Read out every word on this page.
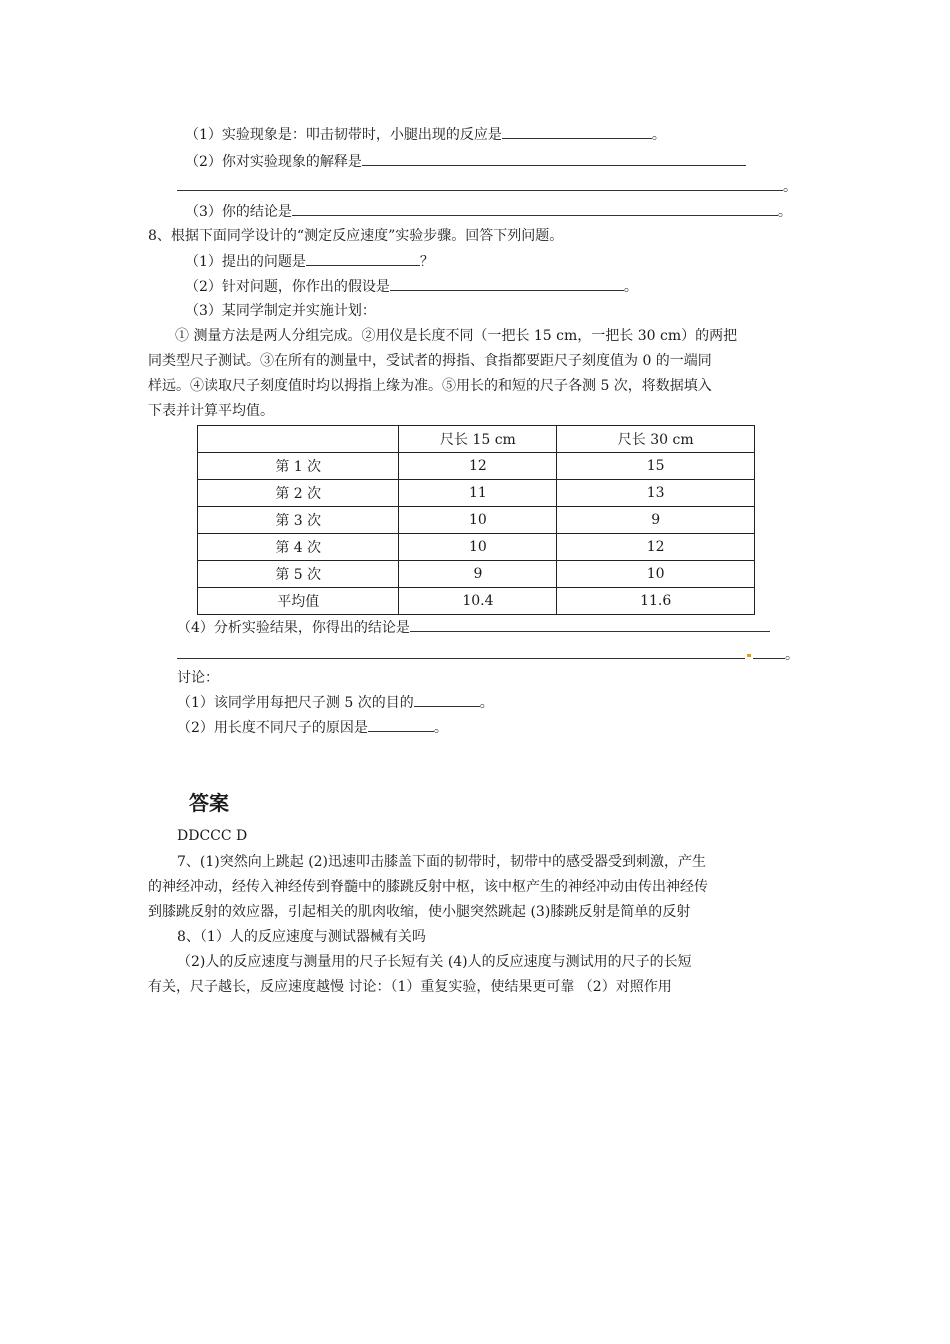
（1）实验现象是：叩击韧带时，小腿出现的反应是	。
（2）你对实验现象的解释是
。
（3）你的结论是	。
8、根据下面同学设计的“测定反应速度”实验步骤。回答下列问题。
（1）提出的问题是	？
（2）针对问题，你作出的假设是	。
（3）某同学制定并实施计划：
① 测量方法是两人分组完成。②用仪是长度不同（一把长 15 cm，一把长 30 cm）的两把
同类型尺子测试。③在所有的测量中，受试者的拇指、食指都要距尺子刻度值为 0 的一端同
样远。④读取尺子刻度值时均以拇指上缘为准。⑤用长的和短的尺子各测 5 次，将数据填入
下表并计算平均值。
	尺长 15 cm	尺长 30 cm
第 1 次	12	15
第 2 次	11	13
第 3 次	10	9
第 4 次	10	12
第 5 次	9	10
平均值	10.4	11.6
（4）分析实验结果，你得出的结论是
。
讨论：
（1）该同学用每把尺子测 5 次的目的	。
（2）用长度不同尺子的原因是	。
答案
DDCCC D
7、(1)突然向上跳起 (2)迅速叩击膝盖下面的韧带时，韧带中的感受器受到刺激，产生
的神经冲动，经传入神经传到脊髓中的膝跳反射中枢，该中枢产生的神经冲动由传出神经传
到膝跳反射的效应器，引起相关的肌肉收缩，使小腿突然跳起 (3)膝跳反射是简单的反射
8、（1）人的反应速度与测试器械有关吗
（2)人的反应速度与测量用的尺子长短有关 (4)人的反应速度与测试用的尺子的长短
有关，尺子越长，反应速度越慢 讨论：（1）重复实验，使结果更可靠 （2）对照作用
